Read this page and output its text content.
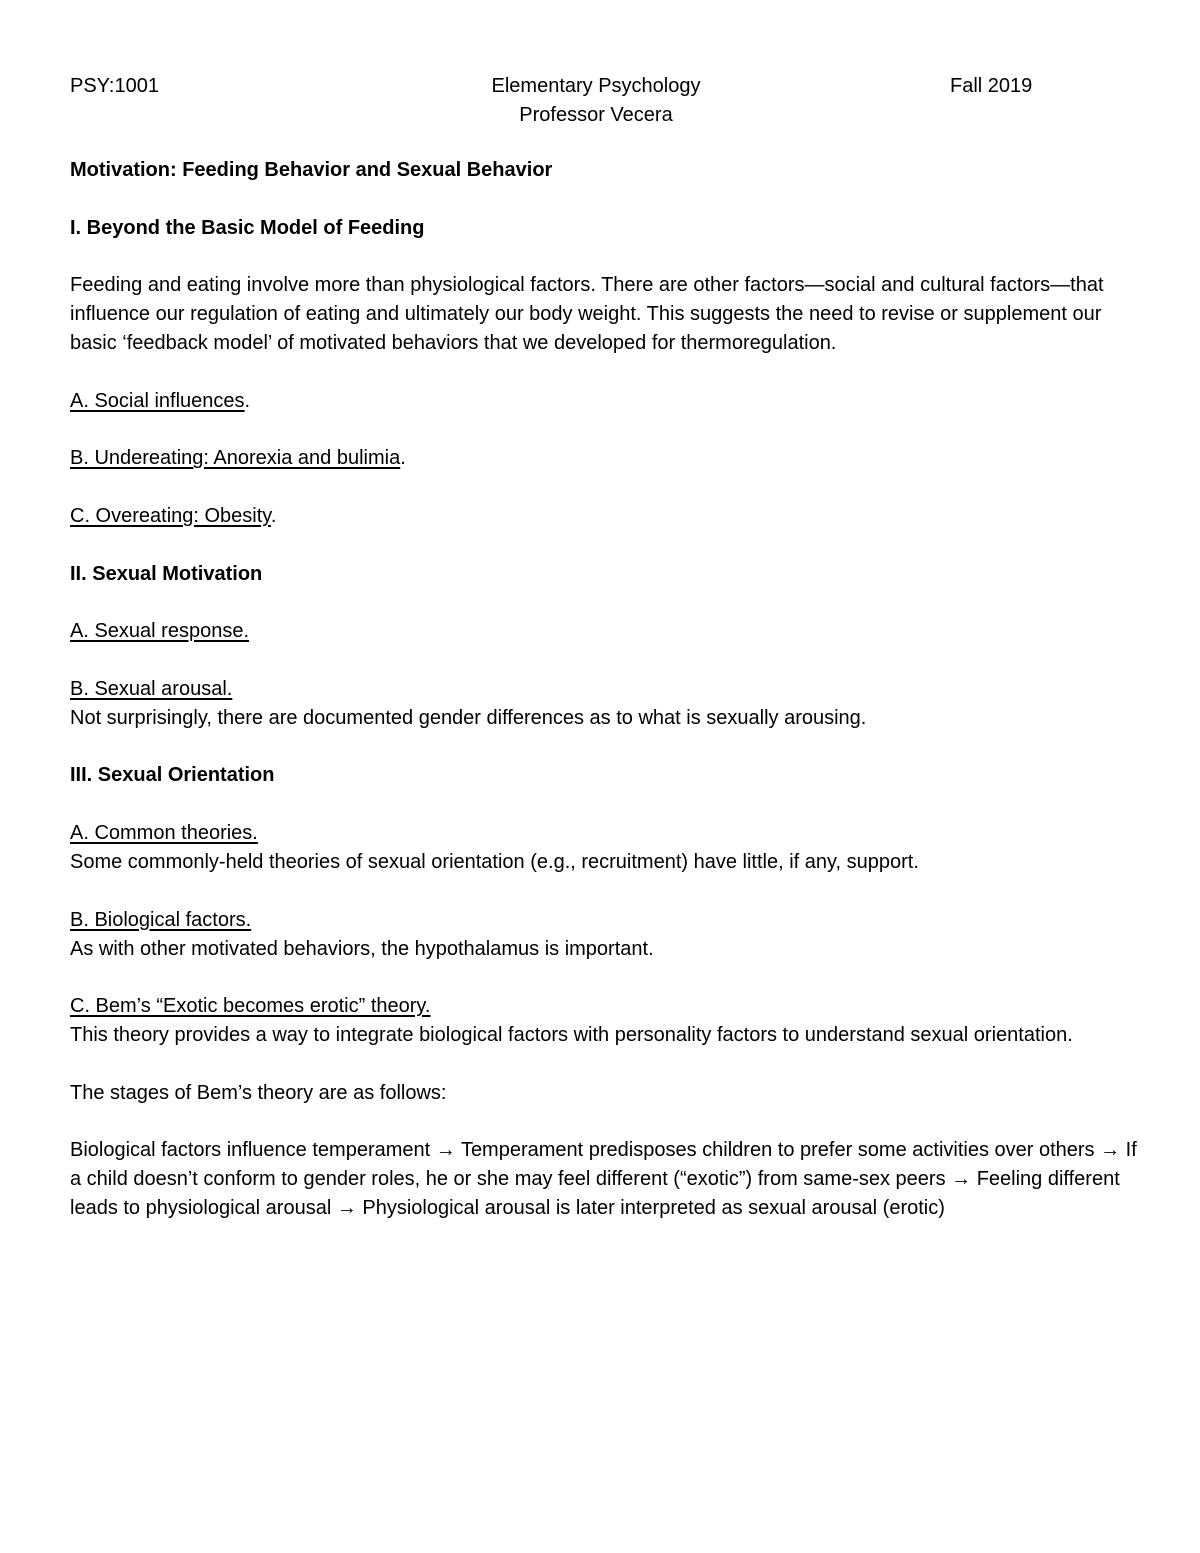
PSY:1001	Elementary Psychology
Professor Vecera
Fall 2019

Motivation: Feeding Behavior and Sexual Behavior

I. Beyond the Basic Model of Feeding

Feeding and eating involve more than physiological factors. There are other factors—social and cultural factors—that influence our regulation of eating and ultimately our body weight. This suggests the need to revise or supplement our basic ‘feedback model’ of motivated behaviors that we developed for thermoregulation.

A. Social influences.

B. Undereating: Anorexia and bulimia.

C. Overeating: Obesity.

II. Sexual Motivation

A. Sexual response.

B. Sexual arousal.
Not surprisingly, there are documented gender differences as to what is sexually arousing.

III. Sexual Orientation

A. Common theories.
Some commonly-held theories of sexual orientation (e.g., recruitment) have little, if any, support.

B. Biological factors.
As with other motivated behaviors, the hypothalamus is important.

C. Bem’s “Exotic becomes erotic” theory.
This theory provides a way to integrate biological factors with personality factors to understand sexual orientation.

The stages of Bem’s theory are as follows:

Biological factors influence temperament → Temperament predisposes children to prefer some activities over others → If a child doesn’t conform to gender roles, he or she may feel different (“exotic”) from same-sex peers → Feeling different leads to physiological arousal → Physiological arousal is later interpreted as sexual arousal (erotic)
